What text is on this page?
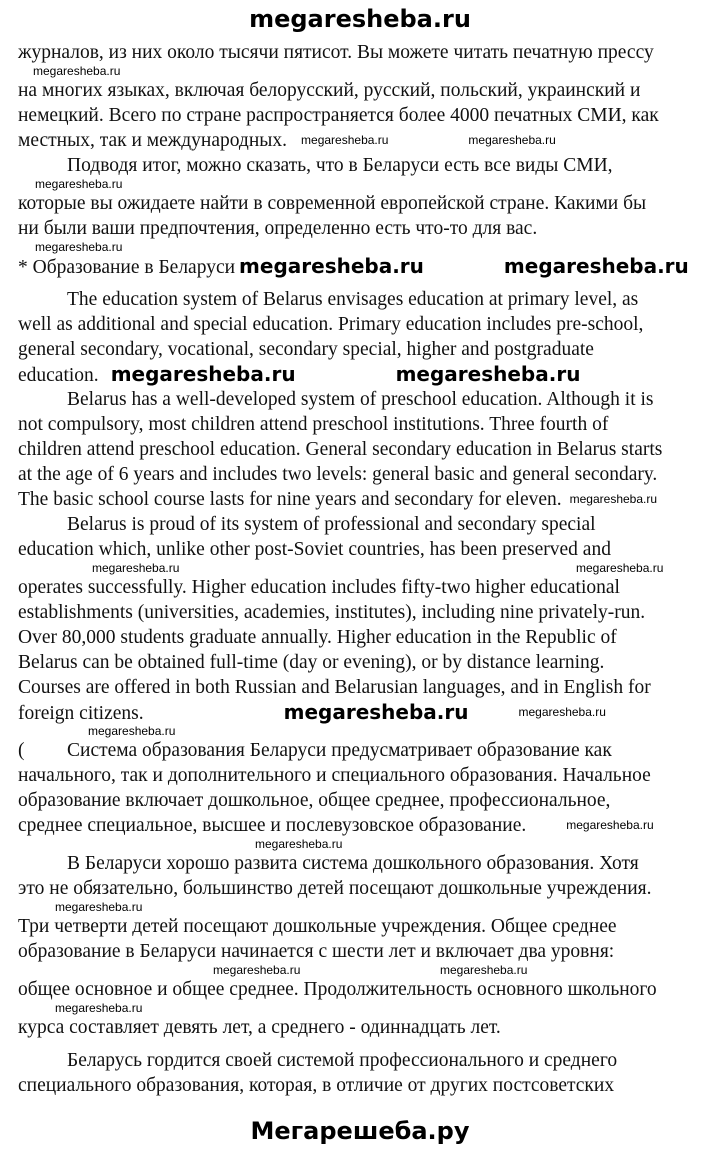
megaresheba.ru
журналов, из них около тысячи пятисот. Вы можете читать печатную прессу
megaresheba.ru
на многих языках, включая белорусский, русский, польский, украинский и
немецкий. Всего по стране распространяется более 4000 печатных СМИ, как
местных, так и международных. $^{megaresheba.ru}$	$^{megaresheba.ru}$
Подводя итог, можно сказать, что в Беларуси есть все виды СМИ,
megaresheba.ru
которые вы ожидаете найти в современной европейской стране. Какими бы
ни были ваши предпочтения, определенно есть что-то для вас.
megaresheba.ru
* Образование в Беларуси megaresheba.ru	megaresheba.ru
The education system of Belarus envisages education at primary level, as
well as additional and special education. Primary education includes pre-school,
general secondary, vocational, secondary special, higher and postgraduate
education. megaresheba.ru	megaresheba.ru
Belarus has a well-developed system of preschool education. Although it is
not compulsory, most children attend preschool institutions. Three fourth of
children attend preschool education. General secondary education in Belarus starts
at the age of 6 years and includes two levels: general basic and general secondary.
The basic school course lasts for nine years and secondary for eleven. $^{megaresheba.ru}$
Belarus is proud of its system of professional and secondary special
education which, unlike other post-Soviet countries, has been preserved and
megaresheba.ru	megaresheba.ru
operates successfully. Higher education includes fifty-two higher educational
establishments (universities, academies, institutes), including nine privately-run.
Over 80,000 students graduate annually. Higher education in the Republic of
Belarus can be obtained full-time (day or evening), or by distance learning.
Courses are offered in both Russian and Belarusian languages, and in English for
foreign citizens.	megaresheba.ru	$^{megaresheba.ru}$
megaresheba.ru
( Система образования Беларуси предусматривает образование как
начального, так и дополнительного и специального образования. Начальное
образование включает дошкольное, общее среднее, профессиональное,
среднее специальное, высшее и послевузовское образование.	$^{megaresheba.ru}$
megaresheba.ru
В Беларуси хорошо развита система дошкольного образования. Хотя
это не обязательно, большинство детей посещают дошкольные учреждения.
megaresheba.ru
Три четверти детей посещают дошкольные учреждения. Общее среднее
образование в Беларуси начинается с шести лет и включает два уровня:
megaresheba.ru	megaresheba.ru
общее основное и общее среднее. Продолжительность основного школьного
megaresheba.ru
курса составляет девять лет, а среднего - одиннадцать лет.
Беларусь гордится своей системой профессионального и среднего
специального образования, которая, в отличие от других постсоветских
Мегарешеба.ру
